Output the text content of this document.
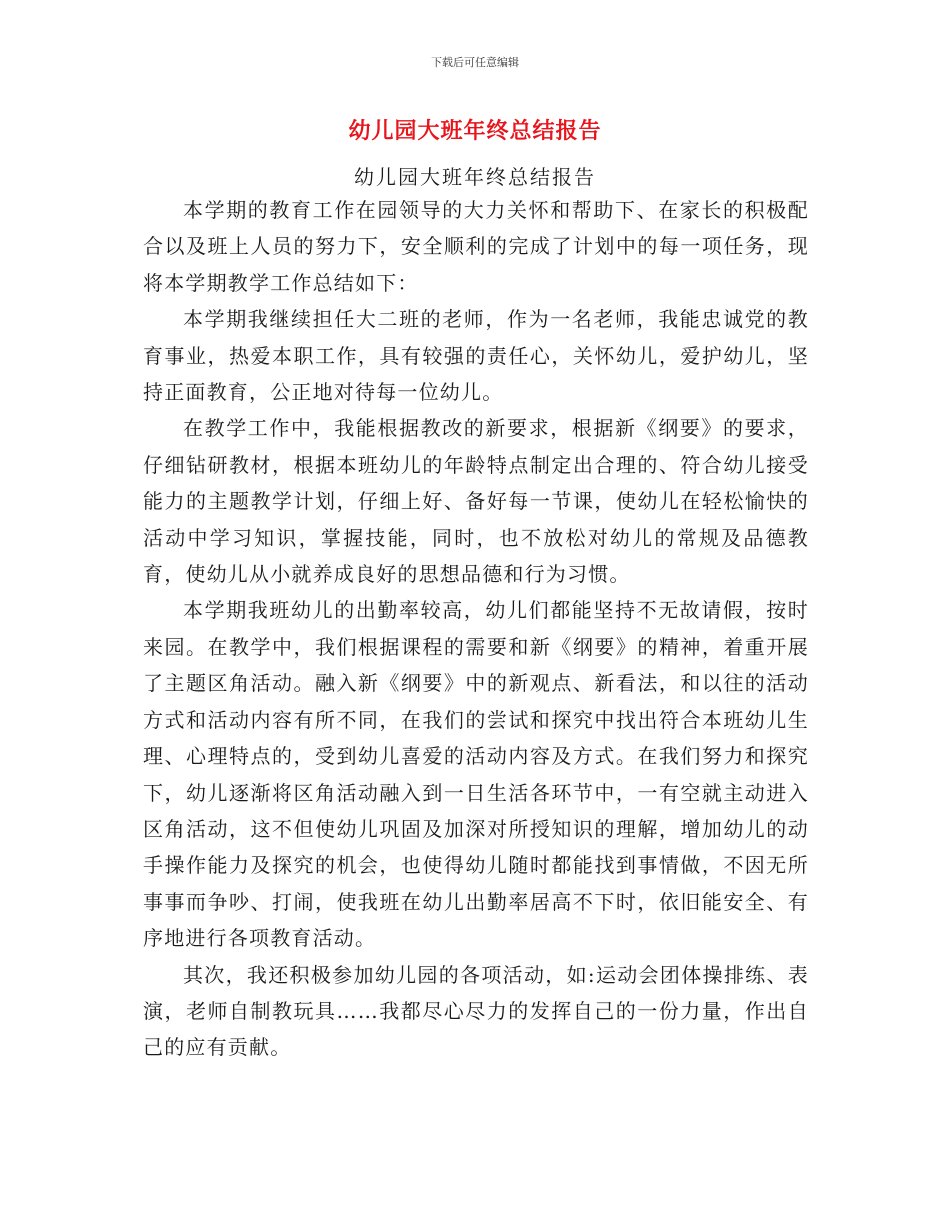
下载后可任意编辑
幼儿园大班年终总结报告
幼儿园大班年终总结报告

本学期的教育工作在园领导的大力关怀和帮助下、在家长的积极配合以及班上人员的努力下，安全顺利的完成了计划中的每一项任务，现将本学期教学工作总结如下：

本学期我继续担任大二班的老师，作为一名老师，我能忠诚党的教育事业，热爱本职工作，具有较强的责任心，关怀幼儿，爱护幼儿，坚持正面教育，公正地对待每一位幼儿。

在教学工作中，我能根据教改的新要求，根据新《纲要》的要求，仔细钻研教材，根据本班幼儿的年龄特点制定出合理的、符合幼儿接受能力的主题教学计划，仔细上好、备好每一节课，使幼儿在轻松愉快的活动中学习知识，掌握技能，同时，也不放松对幼儿的常规及品德教育，使幼儿从小就养成良好的思想品德和行为习惯。

本学期我班幼儿的出勤率较高，幼儿们都能坚持不无故请假，按时来园。在教学中，我们根据课程的需要和新《纲要》的精神，着重开展了主题区角活动。融入新《纲要》中的新观点、新看法，和以往的活动方式和活动内容有所不同，在我们的尝试和探究中找出符合本班幼儿生理、心理特点的，受到幼儿喜爱的活动内容及方式。在我们努力和探究下，幼儿逐渐将区角活动融入到一日生活各环节中，一有空就主动进入区角活动，这不但使幼儿巩固及加深对所授知识的理解，增加幼儿的动手操作能力及探究的机会，也使得幼儿随时都能找到事情做，不因无所事事而争吵、打闹，使我班在幼儿出勤率居高不下时，依旧能安全、有序地进行各项教育活动。

其次，我还积极参加幼儿园的各项活动，如:运动会团体操排练、表演，老师自制教玩具……我都尽心尽力的发挥自己的一份力量，作出自己的应有贡献。
